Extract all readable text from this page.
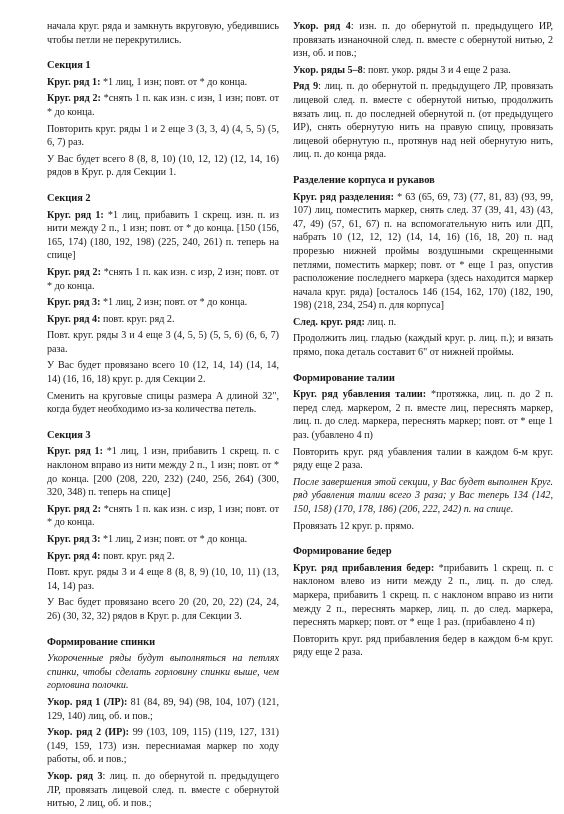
начала круг. ряда и замкнуть вкруговую, убедившись чтобы петли не перекрутились.

Секция 1

Круг. ряд 1: *1 лиц, 1 изн; повт. от * до конца.

Круг. ряд 2: *снять 1 п. как изн. с изн, 1 изн; повт. от * до конца.

Повторить круг. ряды 1 и 2 еще 3 (3, 3, 4) (4, 5, 5) (5, 6, 7) раз.

У Вас будет всего 8 (8, 8, 10) (10, 12, 12) (12, 14, 16) рядов в Круг. р. для Секции 1.

Секция 2

Круг. ряд 1: *1 лиц, прибавить 1 скрещ. изн. п. из нити между 2 п., 1 изн; повт. от * до конца. [150 (156, 165, 174) (180, 192, 198) (225, 240, 261) п. теперь на спице]

Круг. ряд 2: *снять 1 п. как изн. с изр, 2 изн; повт. от * до конца.

Круг. ряд 3: *1 лиц, 2 изн; повт. от * до конца.

Круг. ряд 4: повт. круг. ряд 2.

Повт. круг. ряды 3 и 4 еще 3 (4, 5, 5) (5, 5, 6) (6, 6, 7) раза.

У Вас будет провязано всего 10 (12, 14, 14) (14, 14, 14) (16, 16, 18) круг. р. для Секции 2.

Сменить на круговые спицы размера A длиной 32", когда будет необходимо из-за количества петель.

Секция 3

Круг. ряд 1: *1 лиц, 1 изн, прибавить 1 скрещ. п. с наклоном вправо из нити между 2 п., 1 изн; повт. от * до конца. [200 (208, 220, 232) (240, 256, 264) (300, 320, 348) п. теперь на спице]

Круг. ряд 2: *снять 1 п. как изн. с изр, 1 изн; повт. от * до конца.

Круг. ряд 3: *1 лиц, 2 изн; повт. от * до конца.

Круг. ряд 4: повт. круг. ряд 2.

Повт. круг. ряды 3 и 4 еще 8 (8, 8, 9) (10, 10, 11) (13, 14, 14) раз.

У Вас будет провязано всего 20 (20, 20, 22) (24, 24, 26) (30, 32, 32) рядов в Круг. р. для Секции 3.

Формирование спинки

Укороченные ряды будут выполняться на петлях спинки, чтобы сделать горловину спинки выше, чем горловина полочки.

Укор. ряд 1 (ЛР): 81 (84, 89, 94) (98, 104, 107) (121, 129, 140) лиц, об. и пов.;

Укор. ряд 2 (ИР): 99 (103, 109, 115) (119, 127, 131) (149, 159, 173) изн. пересниамая маркер по ходу работы, об. и пов.;

Укор. ряд 3: лиц. п. до обернутой п. предыдущего ЛР, провязать лицевой след. п. вместе с обернутой нитью, 2 лиц, об. и пов.;

Укор. ряд 4: изн. п. до обернутой п. предыдущего ИР, провязать изнаночной след. п. вместе с обернутой нитью, 2 изн, об. и пов.;

Укор. ряды 5–8: повт. укор. ряды 3 и 4 еще 2 раза.

Ряд 9: лиц. п. до обернутой п. предыдущего ЛР, провязать лицевой след. п. вместе с обернутой нитью, продолжить вязать лиц. п. до последней обернутой п. (от предыдущего ИР), снять обернутую нить на правую спицу, провязать лицевой обернутую п., протянув над ней обернутую нить, лиц. п. до конца ряда.

Разделение корпуса и рукавов

Круг. ряд разделения: * 63 (65, 69, 73) (77, 81, 83) (93, 99, 107) лиц, поместить маркер, снять след. 37 (39, 41, 43) (43, 47, 49) (57, 61, 67) п. на вспомогательную нить или ДП, набрать 10 (12, 12, 12) (14, 14, 16) (16, 18, 20) п. над прорезью нижней проймы воздушными скрещенными петлями, поместить маркер; повт. от * еще 1 раз, опустив расположение последнего маркера (здесь находится маркер начала круг. ряда) [осталось 146 (154, 162, 170) (182, 190, 198) (218, 234, 254) п. для корпуса]

След. круг. ряд: лиц. п.

Продолжить лиц. гладью (каждый круг. р. лиц. п.); и вязать прямо, пока деталь составит 6" от нижней проймы.

Формирование талии

Круг. ряд убавления талии: *протяжка, лиц. п. до 2 п. перед след. маркером, 2 п. вместе лиц, переснять маркер, лиц. п. до след. маркера, переснять маркер; повт. от * еще 1 раз. (убавлено 4 п)

Повторить круг. ряд убавления талии в каждом 6-м круг. ряду еще 2 раза.

После завершения этой секции, у Вас будет выполнен Круг. ряд убавления талии всего 3 раза; у Вас теперь 134 (142, 150, 158) (170, 178, 186) (206, 222, 242) п. на спице.

Провязать 12 круг. р. прямо.

Формирование бедер

Круг. ряд прибавления бедер: *прибавить 1 скрещ. п. с наклоном влево из нити между 2 п., лиц. п. до след. маркера, прибавить 1 скрещ. п. с наклоном вправо из нити между 2 п., переснять маркер, лиц. п. до след. маркера, переснять маркер; повт. от * еще 1 раз. (прибавлено 4 п)

Повторить круг. ряд прибавления бедер в каждом 6-м круг. ряду еще 2 раза.
